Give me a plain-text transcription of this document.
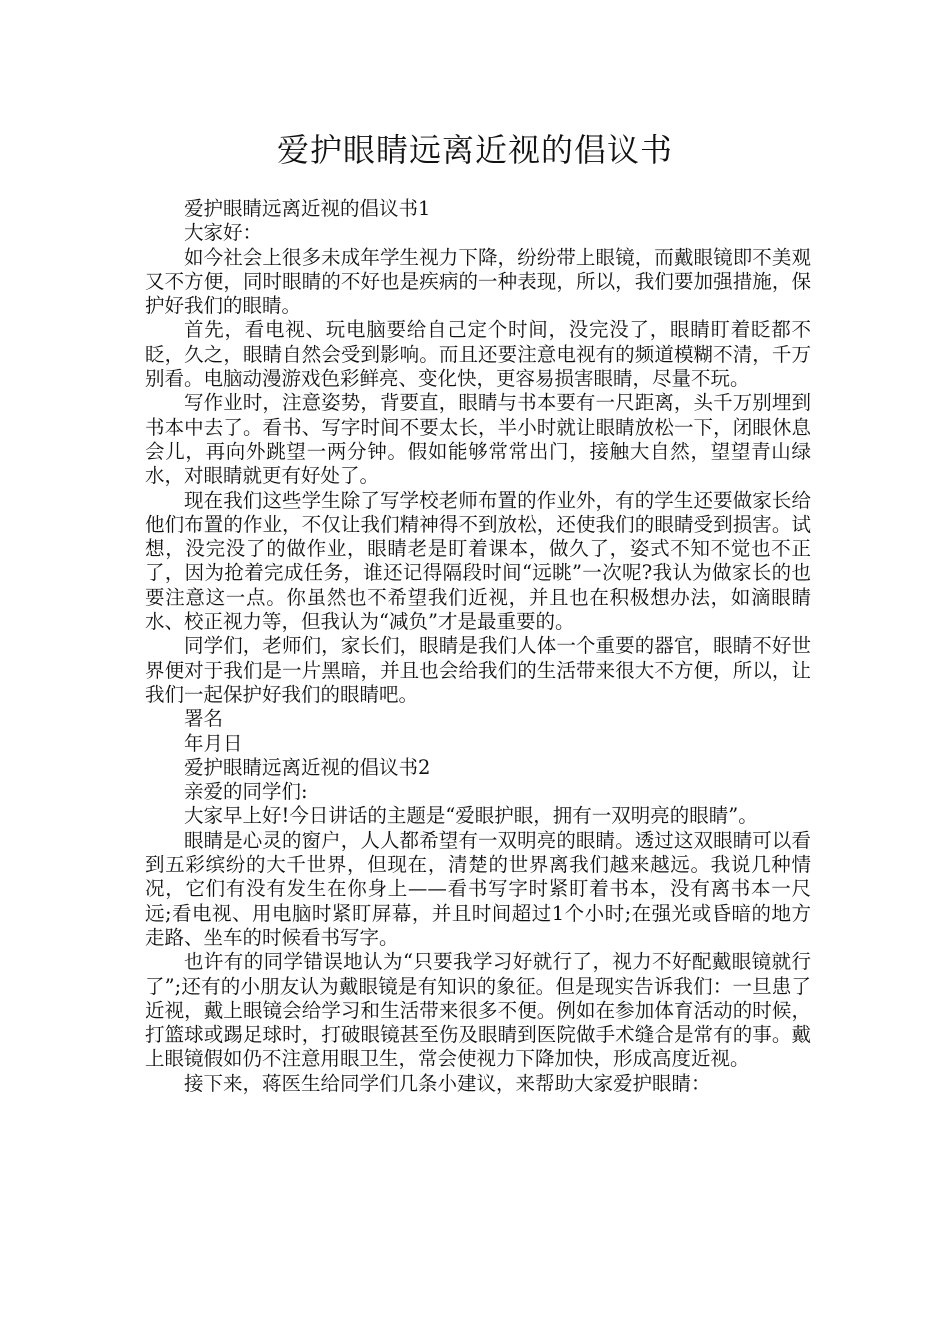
爱护眼睛远离近视的倡议书

爱护眼睛远离近视的倡议书1

大家好：

如今社会上很多未成年学生视力下降，纷纷带上眼镜，而戴眼镜即不美观又不方便，同时眼睛的不好也是疾病的一种表现，所以，我们要加强措施，保护好我们的眼睛。

首先，看电视、玩电脑要给自己定个时间，没完没了，眼睛盯着眨都不眨，久之，眼睛自然会受到影响。而且还要注意电视有的频道模糊不清，千万别看。电脑动漫游戏色彩鲜亮、变化快，更容易损害眼睛，尽量不玩。

写作业时，注意姿势，背要直，眼睛与书本要有一尺距离，头千万别埋到书本中去了。看书、写字时间不要太长，半小时就让眼睛放松一下，闭眼休息会儿，再向外跳望一两分钟。假如能够常常出门，接触大自然，望望青山绿水，对眼睛就更有好处了。

现在我们这些学生除了写学校老师布置的作业外，有的学生还要做家长给他们布置的作业，不仅让我们精神得不到放松，还使我们的眼睛受到损害。试想，没完没了的做作业，眼睛老是盯着课本，做久了，姿式不知不觉也不正了，因为抢着完成任务，谁还记得隔段时间“远眺”一次呢?我认为做家长的也要注意这一点。你虽然也不希望我们近视，并且也在积极想办法，如滴眼睛水、校正视力等，但我认为“减负”才是最重要的。

同学们，老师们，家长们，眼睛是我们人体一个重要的器官，眼睛不好世界便对于我们是一片黑暗，并且也会给我们的生活带来很大不方便，所以，让我们一起保护好我们的眼睛吧。

署名

年月日

爱护眼睛远离近视的倡议书2

亲爱的同学们:

大家早上好!今日讲话的主题是“爱眼护眼，拥有一双明亮的眼睛”。

眼睛是心灵的窗户，人人都希望有一双明亮的眼睛。透过这双眼睛可以看到五彩缤纷的大千世界，但现在，清楚的世界离我们越来越远。我说几种情况，它们有没有发生在你身上——看书写字时紧盯着书本，没有离书本一尺远;看电视、用电脑时紧盯屏幕，并且时间超过1个小时;在强光或昏暗的地方走路、坐车的时候看书写字。

也许有的同学错误地认为“只要我学习好就行了，视力不好配戴眼镜就行了”;还有的小朋友认为戴眼镜是有知识的象征。但是现实告诉我们：一旦患了近视，戴上眼镜会给学习和生活带来很多不便。例如在参加体育活动的时候，打篮球或踢足球时，打破眼镜甚至伤及眼睛到医院做手术缝合是常有的事。戴上眼镜假如仍不注意用眼卫生，常会使视力下降加快，形成高度近视。

接下来，蒋医生给同学们几条小建议，来帮助大家爱护眼睛：
